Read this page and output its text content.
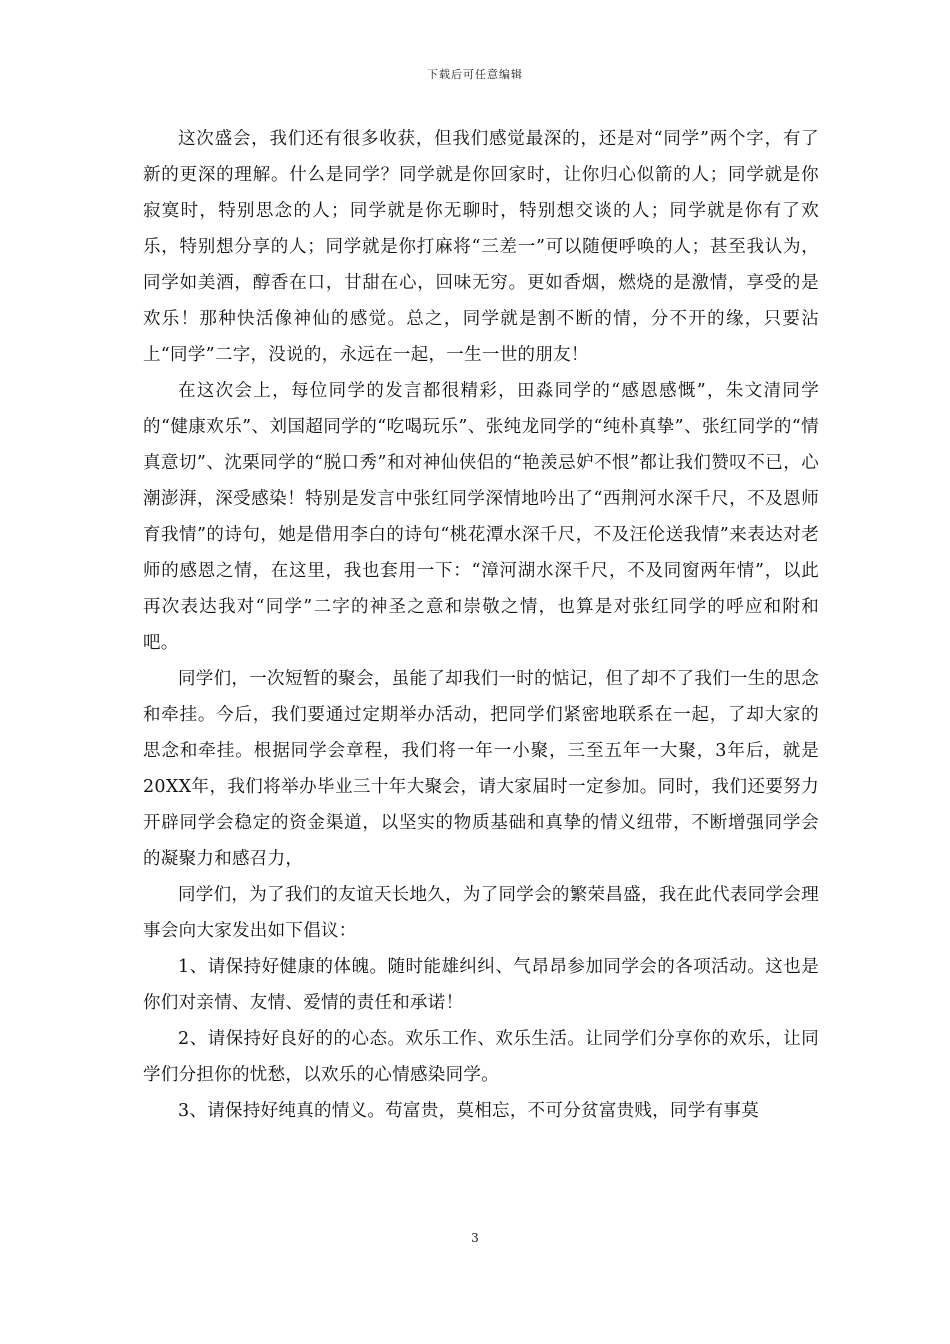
下载后可任意编辑

这次盛会，我们还有很多收获，但我们感觉最深的，还是对“同学”两个字，有了新的更深的理解。什么是同学？同学就是你回家时，让你归心似箭的人；同学就是你寂寞时，特别思念的人；同学就是你无聊时，特别想交谈的人；同学就是你有了欢乐，特别想分享的人；同学就是你打麻将“三差一”可以随便呼唤的人；甚至我认为，同学如美酒，醇香在口，甘甜在心，回味无穷。更如香烟，燃烧的是激情，享受的是欢乐！那种快活像神仙的感觉。总之，同学就是割不断的情，分不开的缘，只要沾上“同学”二字，没说的，永远在一起，一生一世的朋友！

在这次会上，每位同学的发言都很精彩，田淼同学的“感恩感慨”，朱文清同学的“健康欢乐”、刘国超同学的“吃喝玩乐”、张纯龙同学的“纯朴真挚”、张红同学的“情真意切”、沈栗同学的“脱口秀”和对神仙侠侣的“艳羡忌妒不恨”都让我们赞叹不已，心潮澎湃，深受感染！特别是发言中张红同学深情地吟出了“西荆河水深千尺，不及恩师育我情”的诗句，她是借用李白的诗句“桃花潭水深千尺，不及汪伦送我情”来表达对老师的感恩之情，在这里，我也套用一下：“漳河湖水深千尺，不及同窗两年情”，以此再次表达我对“同学”二字的神圣之意和崇敬之情，也算是对张红同学的呼应和附和吧。

同学们，一次短暂的聚会，虽能了却我们一时的惦记，但了却不了我们一生的思念和牵挂。今后，我们要通过定期举办活动，把同学们紧密地联系在一起，了却大家的思念和牵挂。根据同学会章程，我们将一年一小聚，三至五年一大聚，3年后，就是20XX年，我们将举办毕业三十年大聚会，请大家届时一定参加。同时，我们还要努力开辟同学会稳定的资金渠道，以坚实的物质基础和真挚的情义纽带，不断增强同学会的凝聚力和感召力，

同学们，为了我们的友谊天长地久，为了同学会的繁荣昌盛，我在此代表同学会理事会向大家发出如下倡议：

1、请保持好健康的体魄。随时能雄纠纠、气昂昂参加同学会的各项活动。这也是你们对亲情、友情、爱情的责任和承诺！

2、请保持好良好的的心态。欢乐工作、欢乐生活。让同学们分享你的欢乐，让同学们分担你的忧愁，以欢乐的心情感染同学。

3、请保持好纯真的情义。苟富贵，莫相忘，不可分贫富贵贱，同学有事莫

3
